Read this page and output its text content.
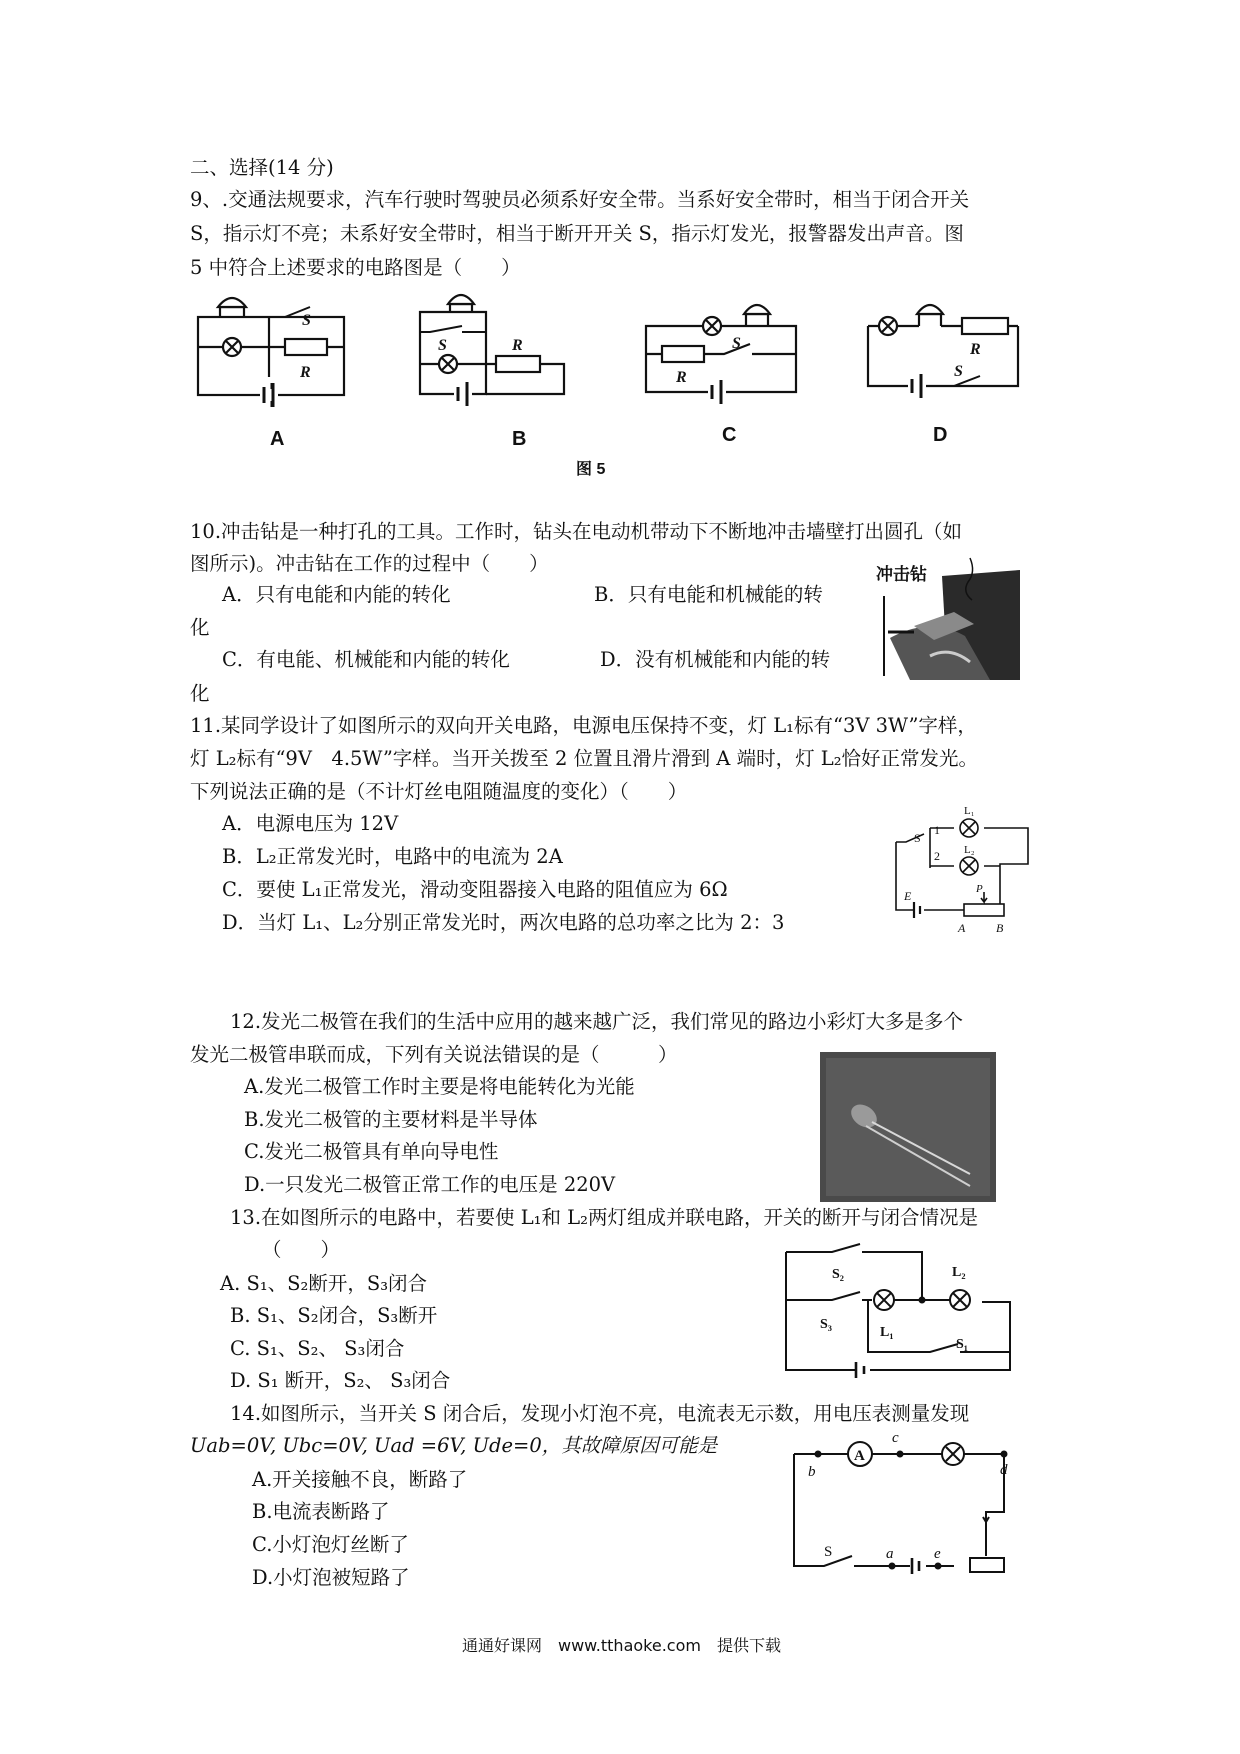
二、选择(14 分)
9、.交通法规要求，汽车行驶时驾驶员必须系好安全带。当系好安全带时，相当于闭合开关
S，指示灯不亮；未系好安全带时，相当于断开开关 S，指示灯发光，报警器发出声音。图
5 中符合上述要求的电路图是（　　）
S
R
A
S	R
B
S
R
C
R
S
D
图 5
10.冲击钻是一种打孔的工具。工作时，钻头在电动机带动下不断地冲击墙壁打出圆孔（如
图所示)。冲击钻在工作的过程中（　　）
A．只有电能和内能的转化	B．只有电能和机械能的转
化
C．有电能、机械能和内能的转化	D．没有机械能和内能的转
化
冲击钻
11.某同学设计了如图所示的双向开关电路，电源电压保持不变，灯 L₁标有“3V 3W”字样，
灯 L₂标有“9V　4.5W”字样。当开关拨至 2 位置且滑片滑到 A 端时，灯 L₂恰好正常发光。
下列说法正确的是（不计灯丝电阻随温度的变化）（　　）
A．电源电压为 12V
B．L₂正常发光时，电路中的电流为 2A
C．要使 L₁正常发光，滑动变阻器接入电路的阻值应为 6Ω
D．当灯 L₁、L₂分别正常发光时，两次电路的总功率之比为 2：3
S
1
2
L₁
L₂
E	P
A	B
12.发光二极管在我们的生活中应用的越来越广泛，我们常见的路边小彩灯大多是多个
发光二极管串联而成，下列有关说法错误的是（　　　）
A.发光二极管工作时主要是将电能转化为光能
B.发光二极管的主要材料是半导体
C.发光二极管具有单向导电性
D.一只发光二极管正常工作的电压是 220V
13.在如图所示的电路中，若要使 L₁和 L₂两灯组成并联电路，开关的断开与闭合情况是
（　　）
A. S₁、S₂断开，S₃闭合
B. S₁、S₂闭合，S₃断开
C. S₁、S₂、 S₃闭合
D. S₁ 断开，S₂、 S₃闭合
S₂
S₃
L₁
L₂
S₁
14.如图所示，当开关 S 闭合后，发现小灯泡不亮，电流表无示数，用电压表测量发现
Uab=0V, Ubc=0V, Uad =6V, Ude=0，其故障原因可能是
A.开关接触不良，断路了
B.电流表断路了
C.小灯泡灯丝断了
D.小灯泡被短路了
A
b
c
d
S	a	e
通通好课网　www.tthaoke.com　提供下载
